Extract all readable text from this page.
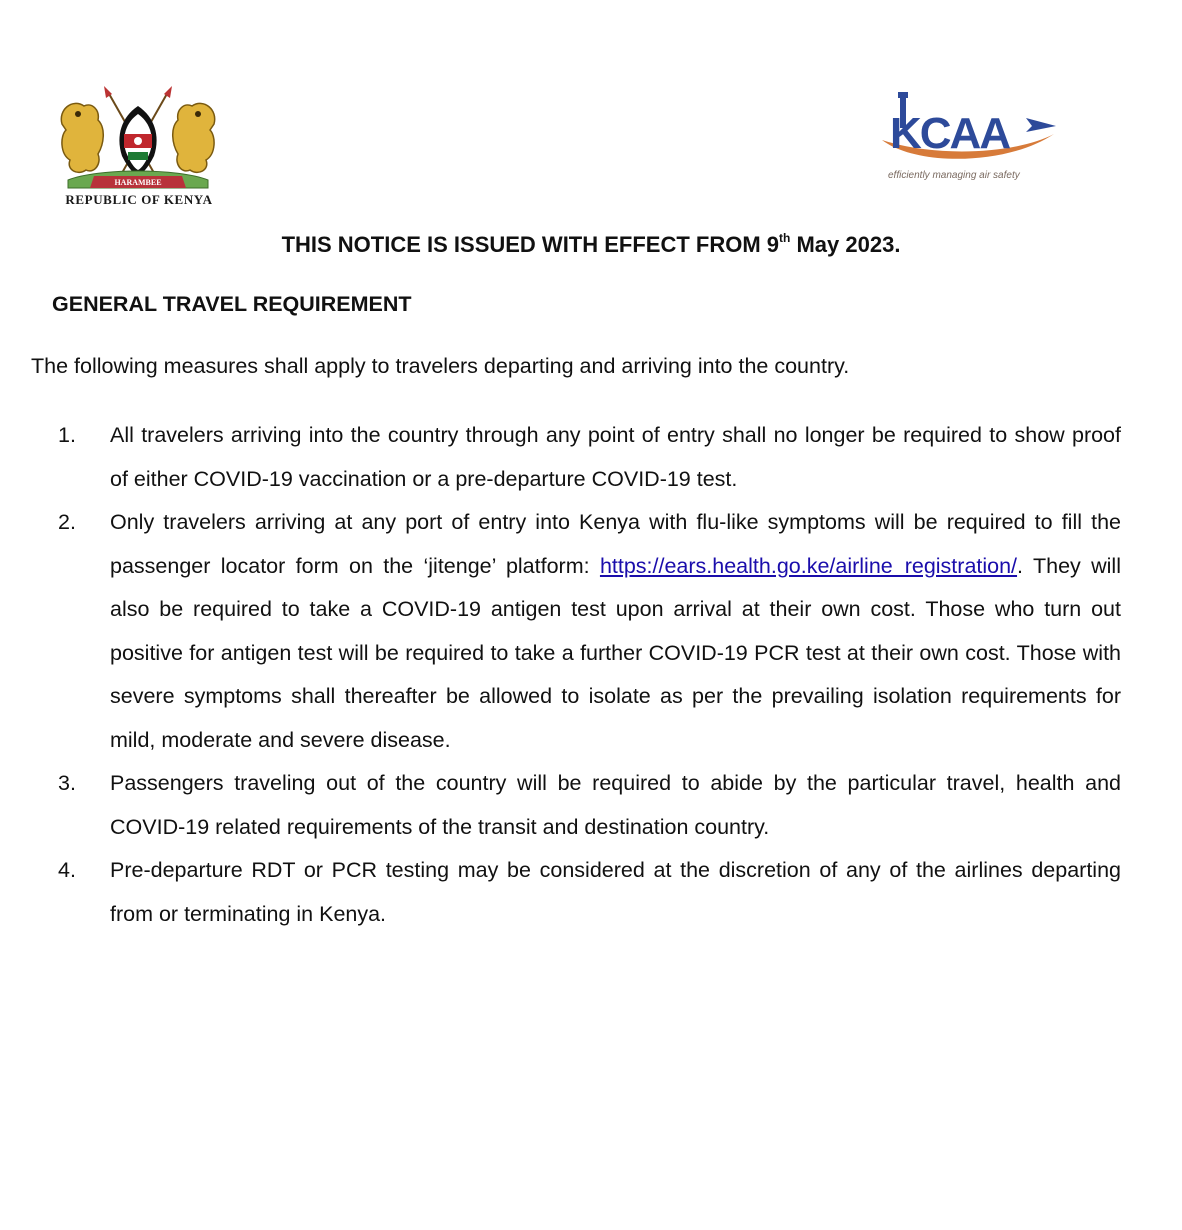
HARAMBEE
REPUBLIC OF KENYA
KCAA
efficiently managing air safety
THIS NOTICE IS ISSUED WITH EFFECT FROM 9th May 2023.
GENERAL TRAVEL REQUIREMENT
The following measures shall apply to travelers departing and arriving into the country.
1.	All travelers arriving into the country through any point of entry shall no longer be required to show proof of either COVID-19 vaccination or a pre-departure COVID-19 test.
2.	Only travelers arriving at any port of entry into Kenya with flu-like symptoms will be required to fill the passenger locator form on the ‘jitenge’ platform: https://ears.health.go.ke/airline_registration/. They will also be required to take a COVID-19 antigen test upon arrival at their own cost. Those who turn out positive for antigen test will be required to take a further COVID-19 PCR test at their own cost. Those with severe symptoms shall thereafter be allowed to isolate as per the prevailing isolation requirements for mild, moderate and severe disease.
3.	Passengers traveling out of the country will be required to abide by the particular travel, health and COVID-19 related requirements of the transit and destination country.
4.	Pre-departure RDT or PCR testing may be considered at the discretion of any of the airlines departing from or terminating in Kenya.
